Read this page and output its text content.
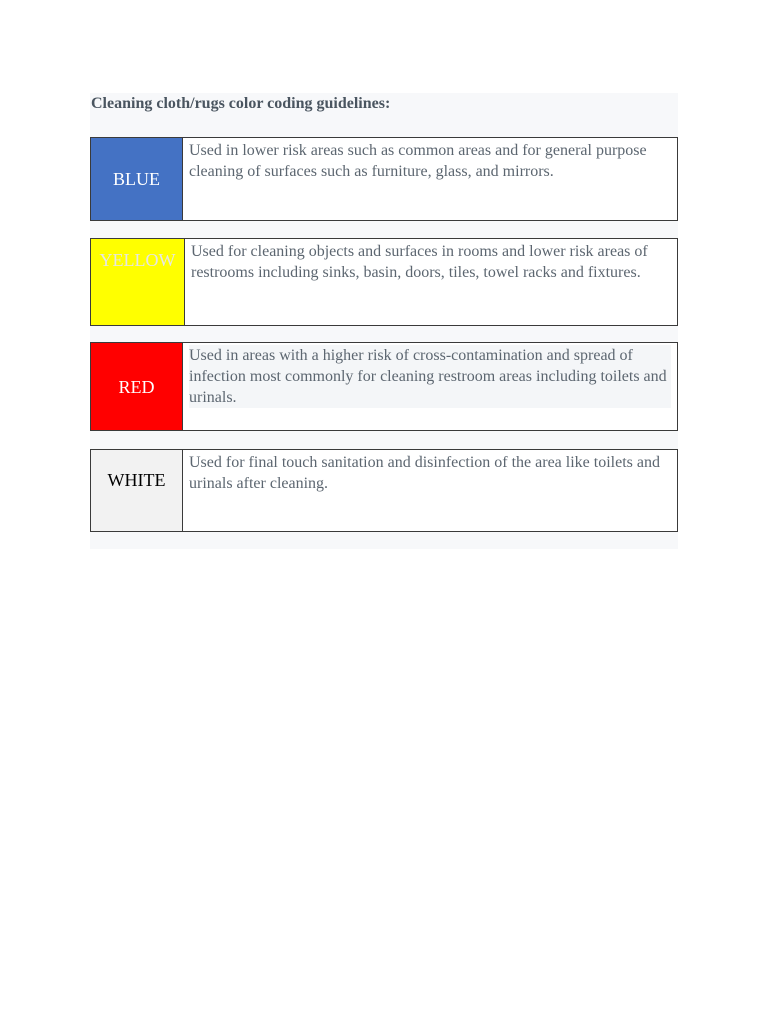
Cleaning cloth/rugs color coding guidelines:
BLUE
Used in lower risk areas such as common areas and for general purpose cleaning of surfaces such as furniture, glass, and mirrors.
YELLOW Used for cleaning objects and surfaces in rooms and lower risk areas of restrooms including sinks, basin, doors, tiles, towel racks and fixtures.
RED
Used in areas with a higher risk of cross-contamination and spread of infection most commonly for cleaning restroom areas including toilets and urinals.
WHITE
Used for final touch sanitation and disinfection of the area like toilets and urinals after cleaning.
